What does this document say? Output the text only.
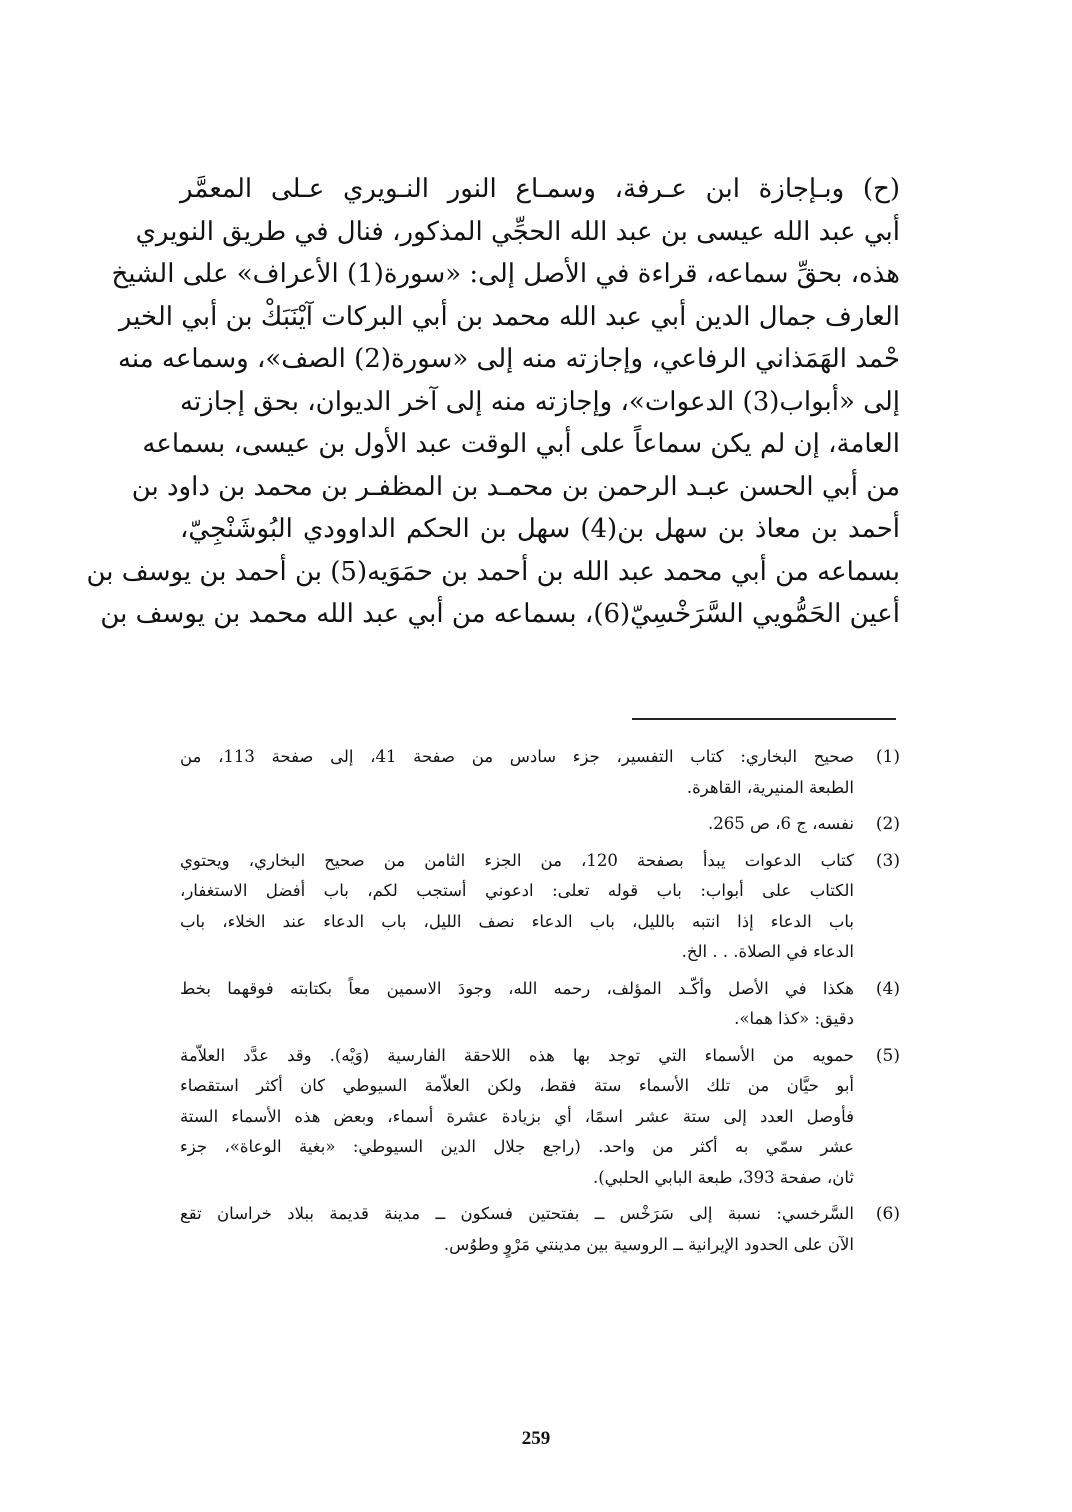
(ح) وبـإجازة ابن عـرفة، وسمـاع النور النـويري عـلى المعمَّر
أبي عبد الله عيسى بن عبد الله الحجِّي المذكور، فنال في طريق النويري
هذه، بحقِّ سماعه، قراءة في الأصل إلى: «سورة(1) الأعراف» على الشيخ
العارف جمال الدين أبي عبد الله محمد بن أبي البركات آيْنَبَكْ بن أبي الخير
حْمد الهَمَذاني الرفاعي، وإجازته منه إلى «سورة(2) الصف»، وسماعه منه
إلى «أبواب(3) الدعوات»، وإجازته منه إلى آخر الديوان، بحق إجازته
العامة، إن لم يكن سماعاً على أبي الوقت عبد الأول بن عيسى، بسماعه
من أبي الحسن عبـد الرحمن بن محمـد بن المظفـر بن محمد بن داود بن
أحمد بن معاذ بن سهل بن(4) سهل بن الحكم الداوودي البُوشَنْجِيّ،
بسماعه من أبي محمد عبد الله بن أحمد بن حمَوَيه(5) بن أحمد بن يوسف بن
أعين الحَمُّويي السَّرَخْسِيّ(6)، بسماعه من أبي عبد الله محمد بن يوسف بن
(1)
صحيح البخاري: كتاب التفسير، جزء سادس من صفحة 41، إلى صفحة 113، من
الطبعة المنيرية، القاهرة.
(2)
نفسه، ج 6، ص 265.
(3)
كتاب الدعوات يبدأ بصفحة 120، من الجزء الثامن من صحيح البخاري، ويحتوي
الكتاب على أبواب: باب قوله تعلى: ادعوني أستجب لكم، باب أفضل الاستغفار،
باب الدعاء إذا انتبه بالليل، باب الدعاء نصف الليل، باب الدعاء عند الخلاء، باب
الدعاء في الصلاة. . . الخ.
(4)
هكذا في الأصل وأكّـد المؤلف، رحمه الله، وجودَ الاسمين معاً بكتابته فوقهما بخط
دقيق: «كذا هما».
(5)
حمويه من الأسماء التي توجد بها هذه اللاحقة الفارسية (وَيْه). وقد عدَّد العلاّمة
أبو حيَّان من تلك الأسماء ستة فقط، ولكن العلاّمة السيوطي كان أكثر استقصاء
فأوصل العدد إلى ستة عشر اسمًا، أي بزيادة عشرة أسماء، وبعض هذه الأسماء الستة
عشر سمّي به أكثر من واحد. (راجع جلال الدين السيوطي: «بغية الوعاة»، جزء
ثان، صفحة 393، طبعة البابي الحلبي).
(6)
السَّرخسي: نسبة إلى سَرَخْس ــ بفتحتين فسكون ــ مدينة قديمة ببلاد خراسان تقع
الآن على الحدود الإيرانية ــ الروسية بين مدينتي مَرْوٍ وطوُس.
259
